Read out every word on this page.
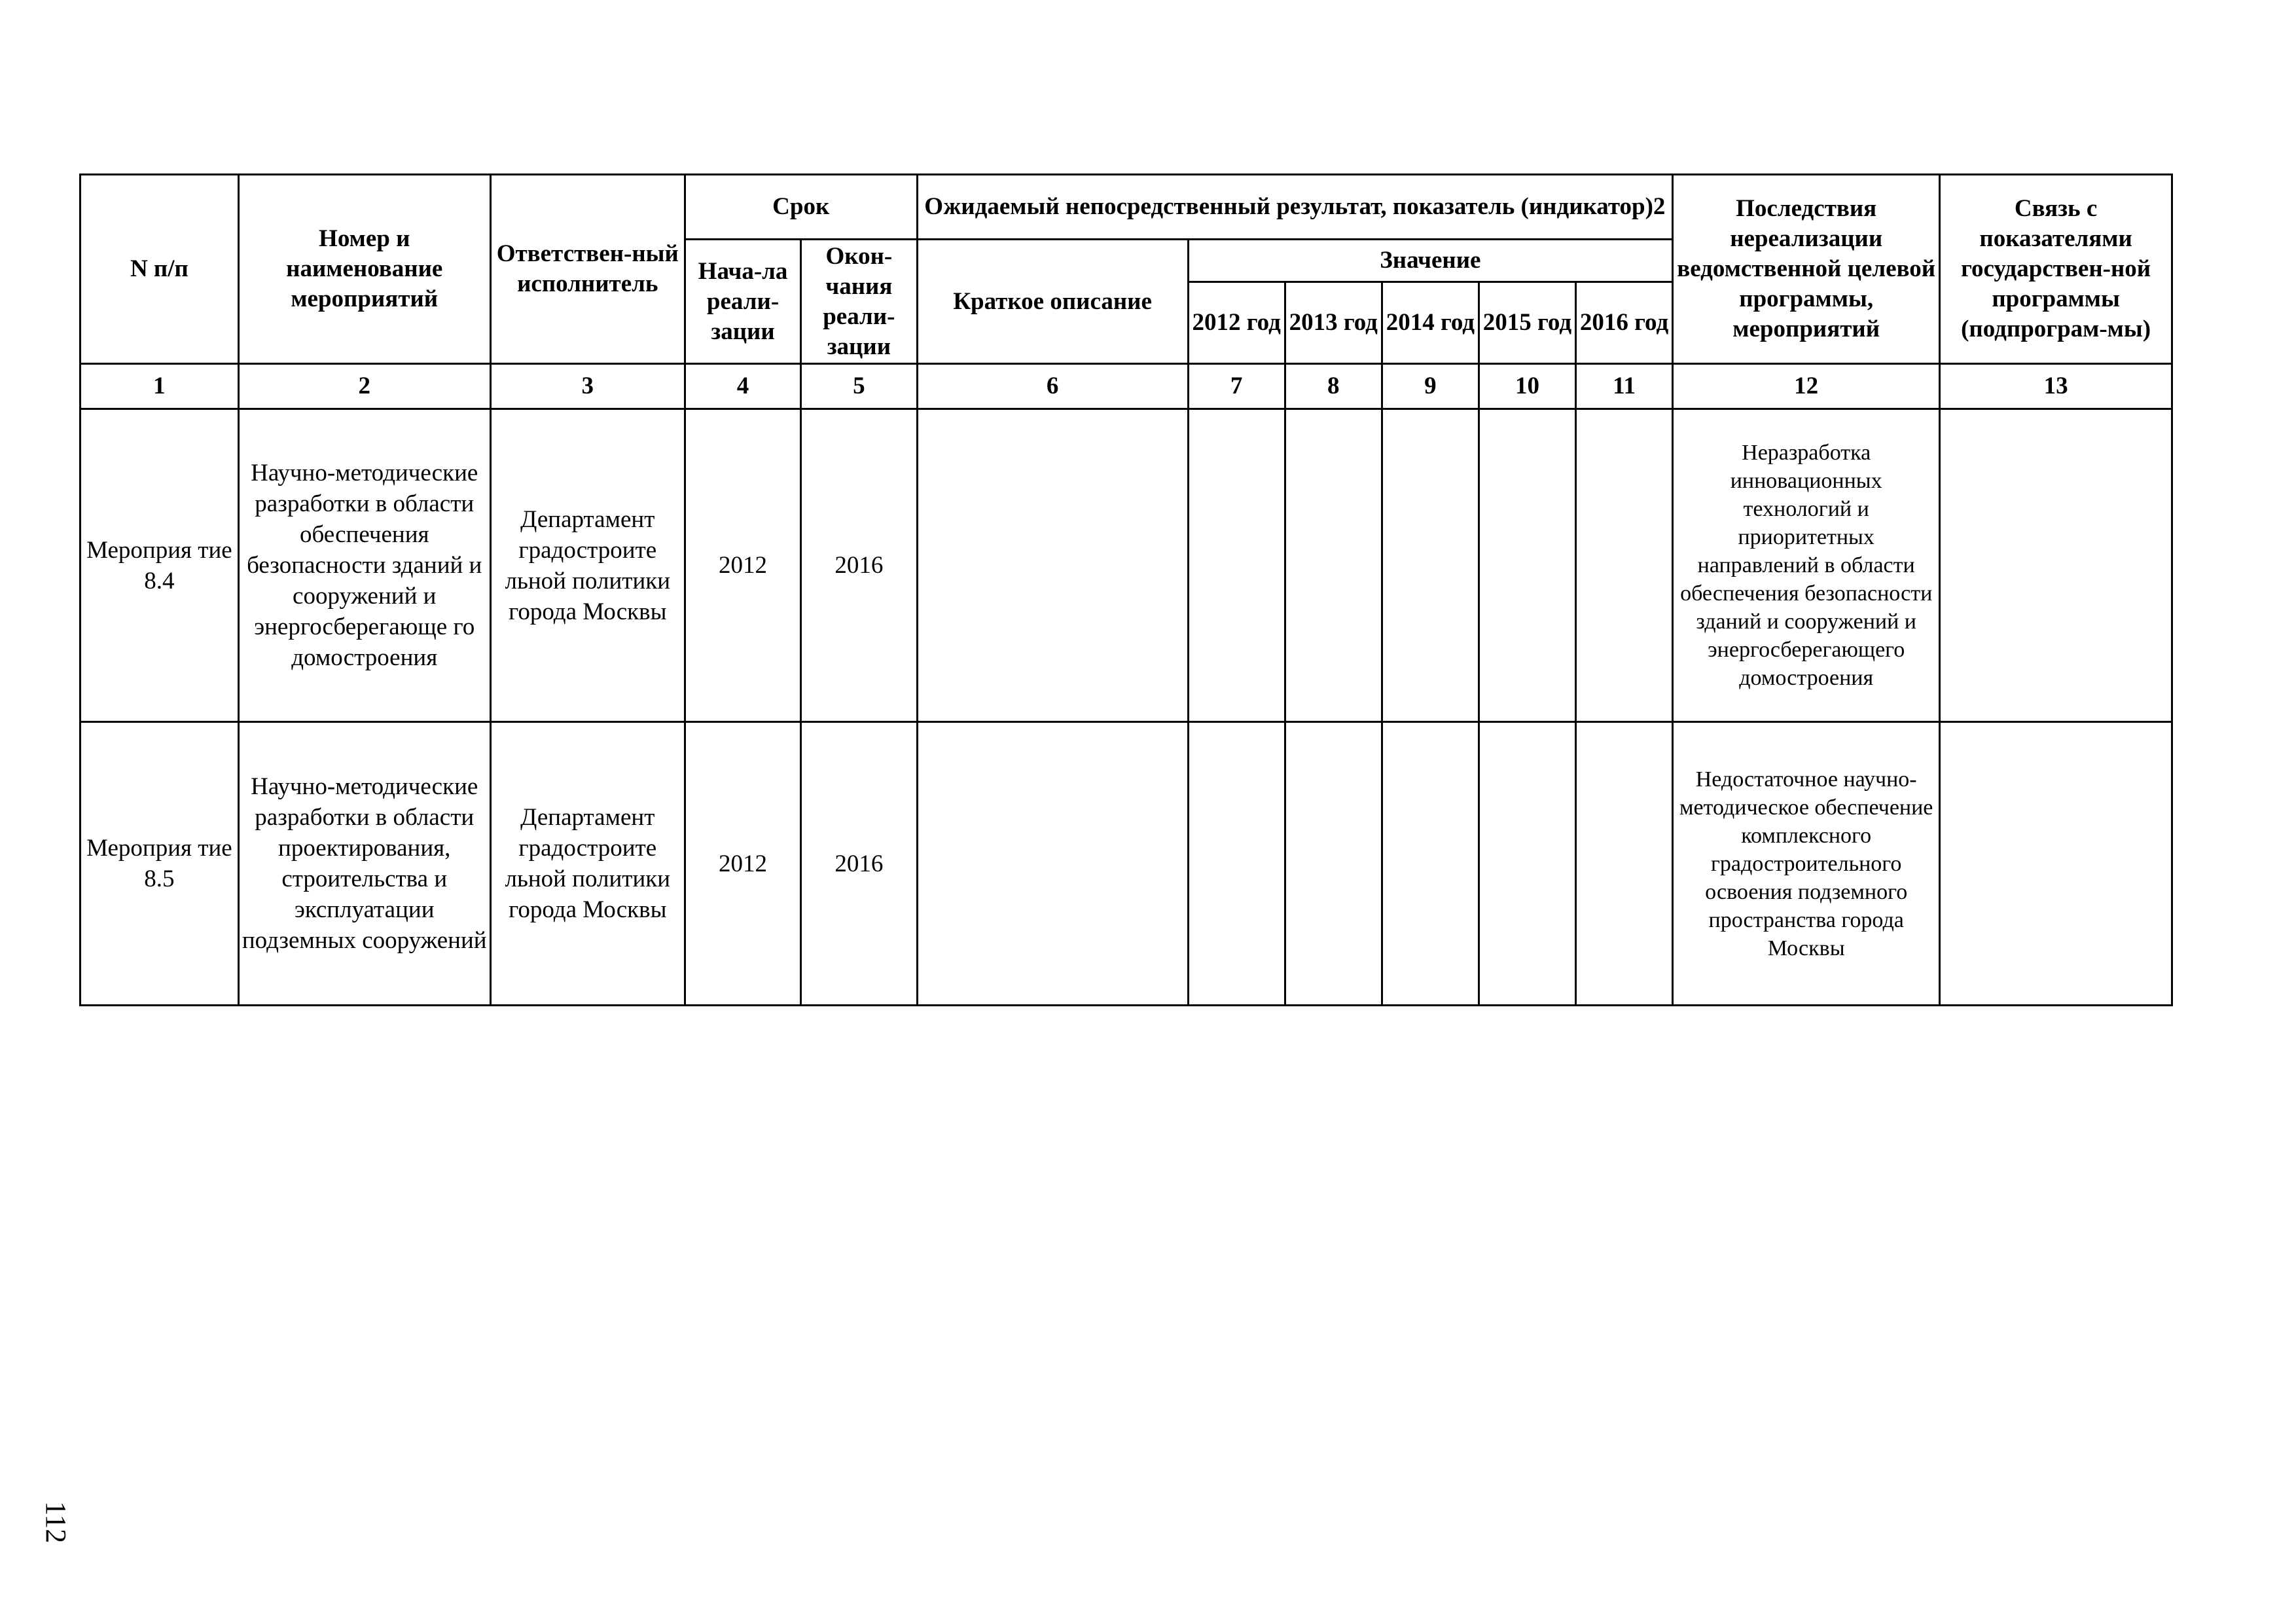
N п/п	Номер и наименование мероприятий	Ответствен-ный исполнитель	Срок		Ожидаемый непосредственный результат, показатель (индикатор)2						Последствия нереализации ведомственной целевой программы, мероприятий	Связь с показателями государствен-ной программы (подпрограм-мы)
			Нача-ла реали-зации	Окон-чания реали-зации	Краткое описание	Значение						
						2012 год	2013 год	2014 год	2015 год	2016 год		
1	2	3	4	5	6	7	8	9	10	11	12	13
Мероприя тие 8.4	Научно-методические разработки в области обеспечения безопасности зданий и сооружений и энергосберегающе го домостроения	Департамент градостроите льной политики города Москвы	2012	2016							Неразработка инновационных технологий и приоритетных направлений в области обеспечения безопасности зданий и сооружений и энергосберегающего домостроения	
Мероприя тие 8.5	Научно-методические разработки в области проектирования, строительства и эксплуатации подземных сооружений	Департамент градостроите льной политики города Москвы	2012	2016							Недостаточное научно-методическое обеспечение комплексного градостроительного освоения подземного пространства города Москвы	
112
